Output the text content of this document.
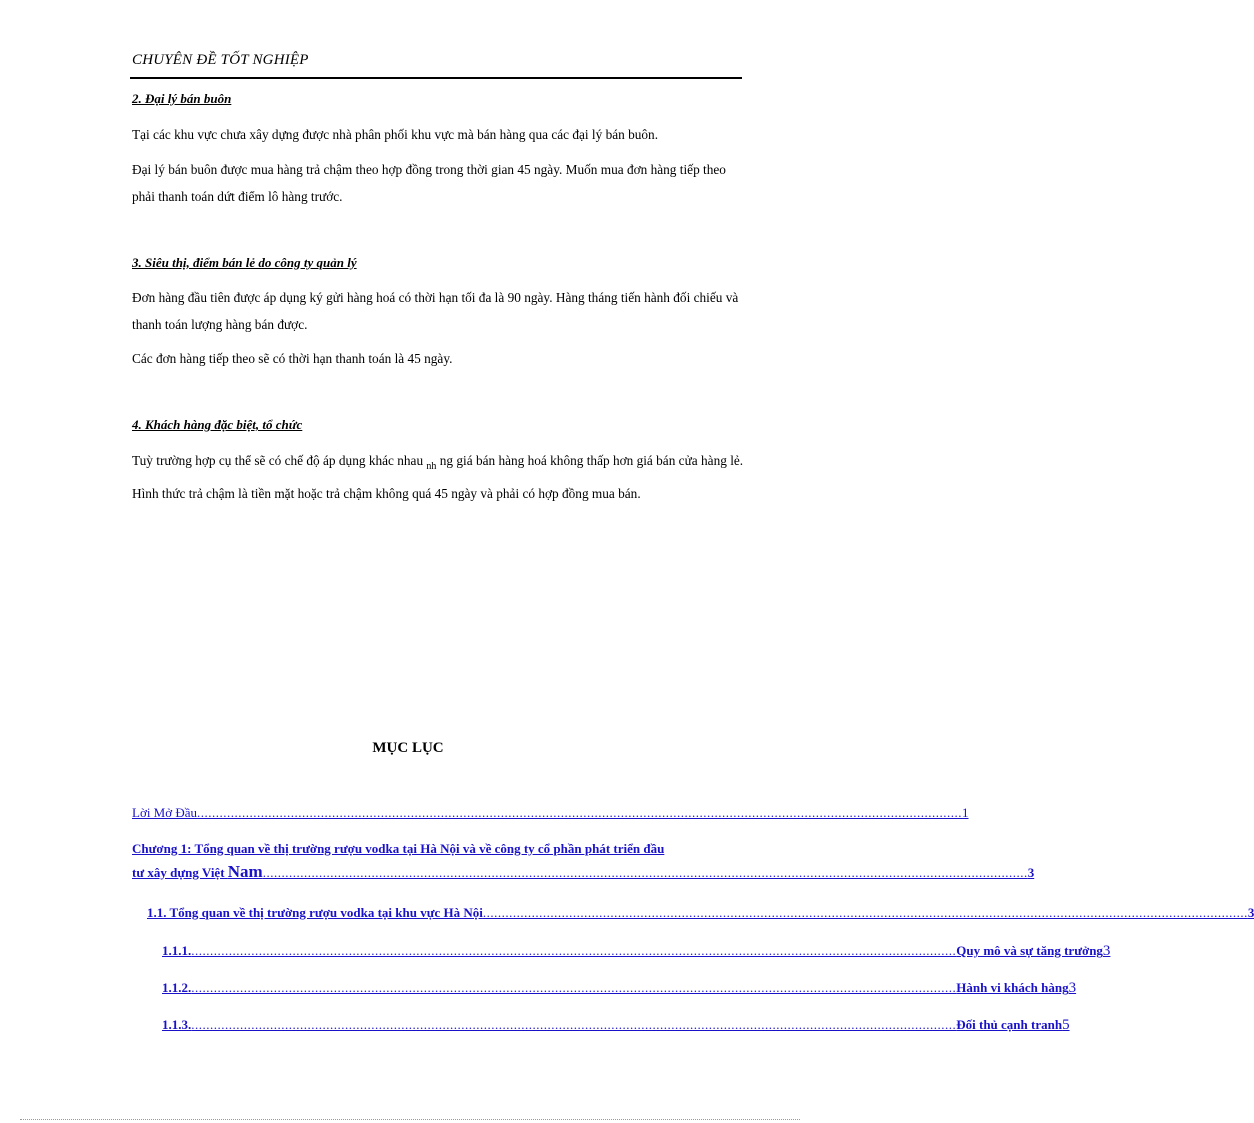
CHUYÊN ĐỀ TỐT NGHIỆP
2. Đại lý bán buôn
Tại các khu vực chưa xây dựng được nhà phân phối khu vực mà bán hàng qua các đại lý bán buôn.
Đại lý bán buôn được mua hàng trả chậm theo hợp đồng trong thời gian 45 ngày. Muốn mua đơn hàng tiếp theo phải thanh toán dứt điểm lô hàng trước.
3. Siêu thị, điểm bán lẻ do công ty quản lý
Đơn hàng đầu tiên được áp dụng ký gửi hàng hoá có thời hạn tối đa là 90 ngày. Hàng tháng tiến hành đối chiếu và thanh toán lượng hàng bán được.
Các đơn hàng tiếp theo sẽ có thời hạn thanh toán là 45 ngày.
4. Khách hàng đặc biệt, tổ chức
Tuỳ trường hợp cụ thể sẽ có chế độ áp dụng khác nhau $_{nh}$ ng giá bán hàng hoá không thấp hơn giá bán cửa hàng lẻ. Hình thức trả chậm là tiền mặt hoặc trả chậm không quá 45 ngày và phải có hợp đồng mua bán.
MỤC LỤC
Lời Mở Đầu ............................................................................................................................................................................................................ 1
Chương 1: Tổng quan về thị trường rượu vodka tại Hà Nội và về công ty cổ phần phát triển đầu
tư xây dựng Việt
Nam ............................................................................................................................................................................................................ 3
1.1. Tổng quan về thị trường rượu vodka tại khu vực Hà Nội ............................................................................................................................................................................................................ 3
1.1.1. ............................................................................................................................................................................................................ Quy mô và sự tăng trưởng 3
1.1.2. ............................................................................................................................................................................................................ Hành vi khách hàng 3
1.1.3. ............................................................................................................................................................................................................ Đối thủ cạnh tranh 5
